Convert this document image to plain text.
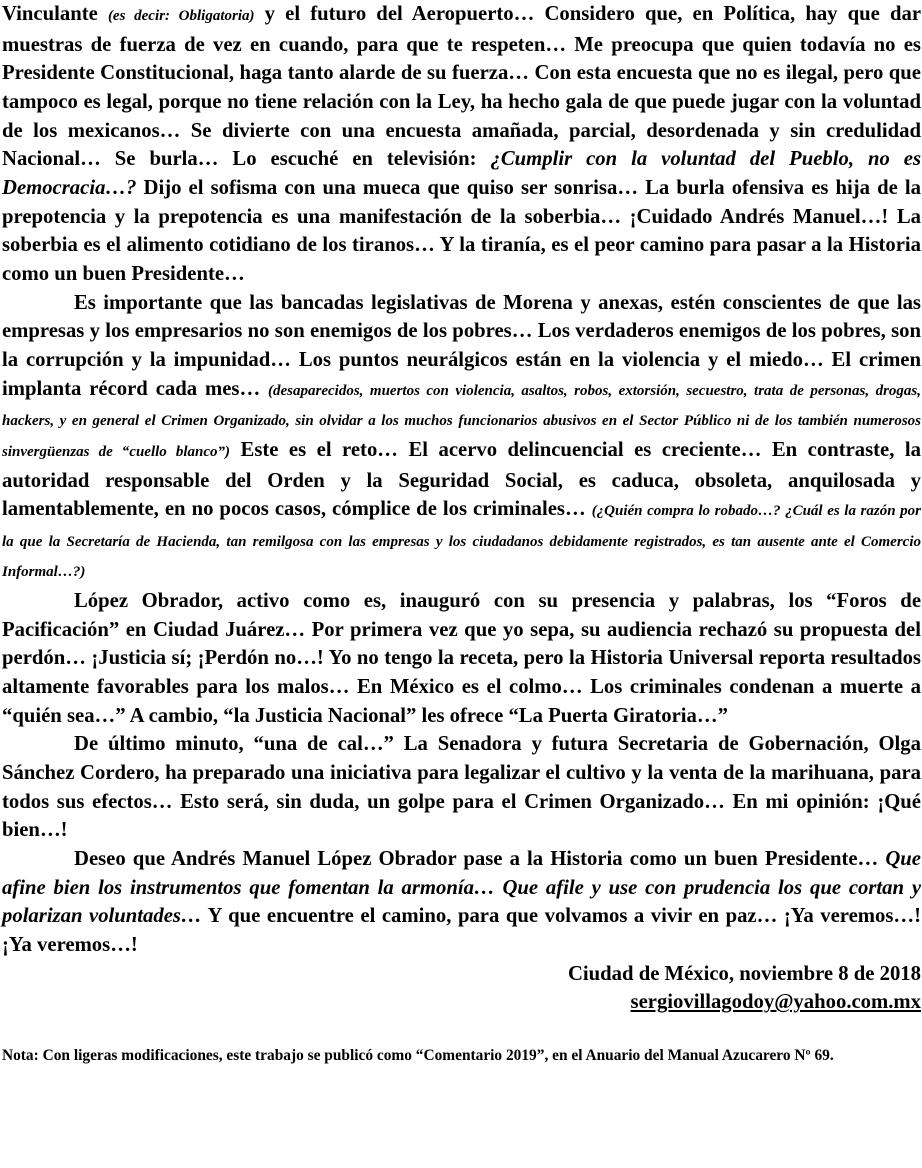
Vinculante (es decir: Obligatoria) y el futuro del Aeropuerto… Considero que, en Política, hay que dar muestras de fuerza de vez en cuando, para que te respeten… Me preocupa que quien todavía no es Presidente Constitucional, haga tanto alarde de su fuerza… Con esta encuesta que no es ilegal, pero que tampoco es legal, porque no tiene relación con la Ley, ha hecho gala de que puede jugar con la voluntad de los mexicanos… Se divierte con una encuesta amañada, parcial, desordenada y sin credulidad Nacional… Se burla… Lo escuché en televisión: ¿Cumplir con la voluntad del Pueblo, no es Democracia…? Dijo el sofisma con una mueca que quiso ser sonrisa… La burla ofensiva es hija de la prepotencia y la prepotencia es una manifestación de la soberbia… ¡Cuidado Andrés Manuel…! La soberbia es el alimento cotidiano de los tiranos… Y la tiranía, es el peor camino para pasar a la Historia como un buen Presidente…

Es importante que las bancadas legislativas de Morena y anexas, estén conscientes de que las empresas y los empresarios no son enemigos de los pobres… Los verdaderos enemigos de los pobres, son la corrupción y la impunidad… Los puntos neurálgicos están en la violencia y el miedo… El crimen implanta récord cada mes… (desaparecidos, muertos con violencia, asaltos, robos, extorsión, secuestro, trata de personas, drogas, hackers, y en general el Crimen Organizado, sin olvidar a los muchos funcionarios abusivos en el Sector Público ni de los también numerosos sinvergüenzas de “cuello blanco”) Este es el reto… El acervo delincuencial es creciente… En contraste, la autoridad responsable del Orden y la Seguridad Social, es caduca, obsoleta, anquilosada y lamentablemente, en no pocos casos, cómplice de los criminales… (¿Quién compra lo robado…? ¿Cuál es la razón por la que la Secretaría de Hacienda, tan remilgosa con las empresas y los ciudadanos debidamente registrados, es tan ausente ante el Comercio Informal…?)

López Obrador, activo como es, inauguró con su presencia y palabras, los “Foros de Pacificación” en Ciudad Juárez… Por primera vez que yo sepa, su audiencia rechazó su propuesta del perdón… ¡Justicia sí; ¡Perdón no…! Yo no tengo la receta, pero la Historia Universal reporta resultados altamente favorables para los malos… En México es el colmo… Los criminales condenan a muerte a “quién sea…” A cambio, “la Justicia Nacional” les ofrece “La Puerta Giratoria…”

De último minuto, “una de cal…” La Senadora y futura Secretaria de Gobernación, Olga Sánchez Cordero, ha preparado una iniciativa para legalizar el cultivo y la venta de la marihuana, para todos sus efectos… Esto será, sin duda, un golpe para el Crimen Organizado… En mi opinión: ¡Qué bien…!

Deseo que Andrés Manuel López Obrador pase a la Historia como un buen Presidente… Que afine bien los instrumentos que fomentan la armonía… Que afile y use con prudencia los que cortan y polarizan voluntades… Y que encuentre el camino, para que volvamos a vivir en paz… ¡Ya veremos…! ¡Ya veremos…!

Ciudad de México, noviembre 8 de 2018
sergiovillagodoy@yahoo.com.mx
Nota: Con ligeras modificaciones, este trabajo se publicó como “Comentario 2019”, en el Anuario del Manual Azucarero Nº 69.
